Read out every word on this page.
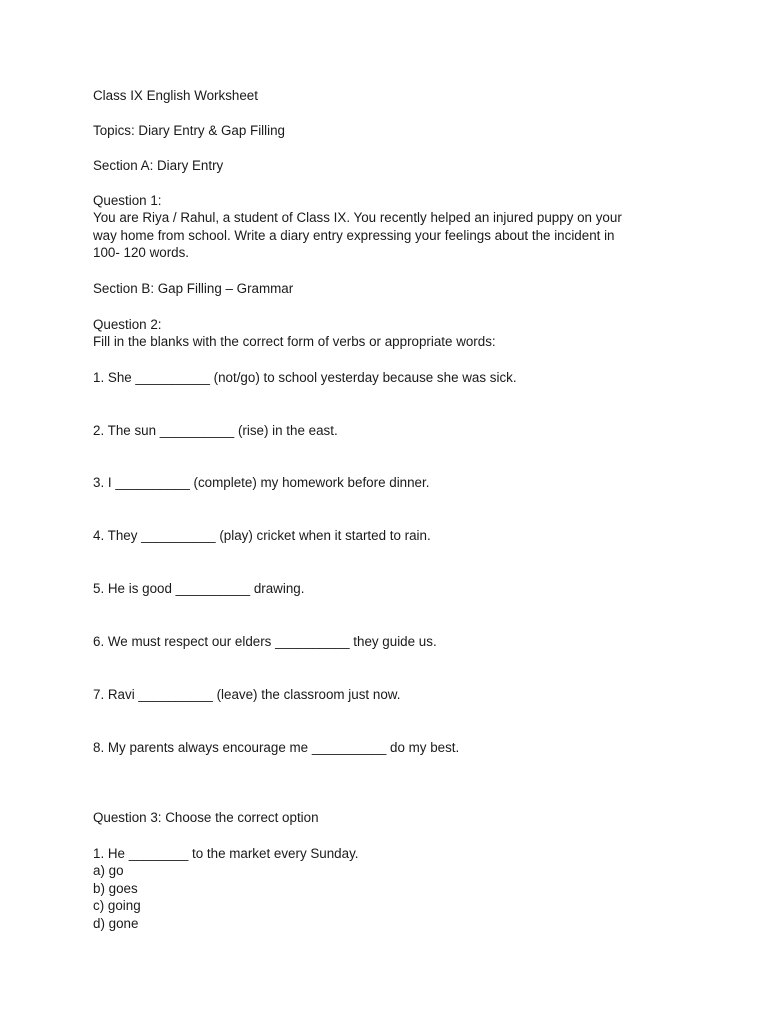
Class IX English Worksheet
Topics: Diary Entry & Gap Filling
Section A: Diary Entry
Question 1:
You are Riya / Rahul, a student of Class IX. You recently helped an injured puppy on your
way home from school. Write a diary entry expressing your feelings about the incident in
100- 120 words.
Section B: Gap Filling – Grammar
Question 2:
Fill in the blanks with the correct form of verbs or appropriate words:
1. She __________ (not/go) to school yesterday because she was sick.
2. The sun __________ (rise) in the east.
3. I __________ (complete) my homework before dinner.
4. They __________ (play) cricket when it started to rain.
5. He is good __________ drawing.
6. We must respect our elders __________ they guide us.
7. Ravi __________ (leave) the classroom just now.
8. My parents always encourage me __________ do my best.
Question 3: Choose the correct option
1. He ________ to the market every Sunday.
a) go
b) goes
c) going
d) gone
